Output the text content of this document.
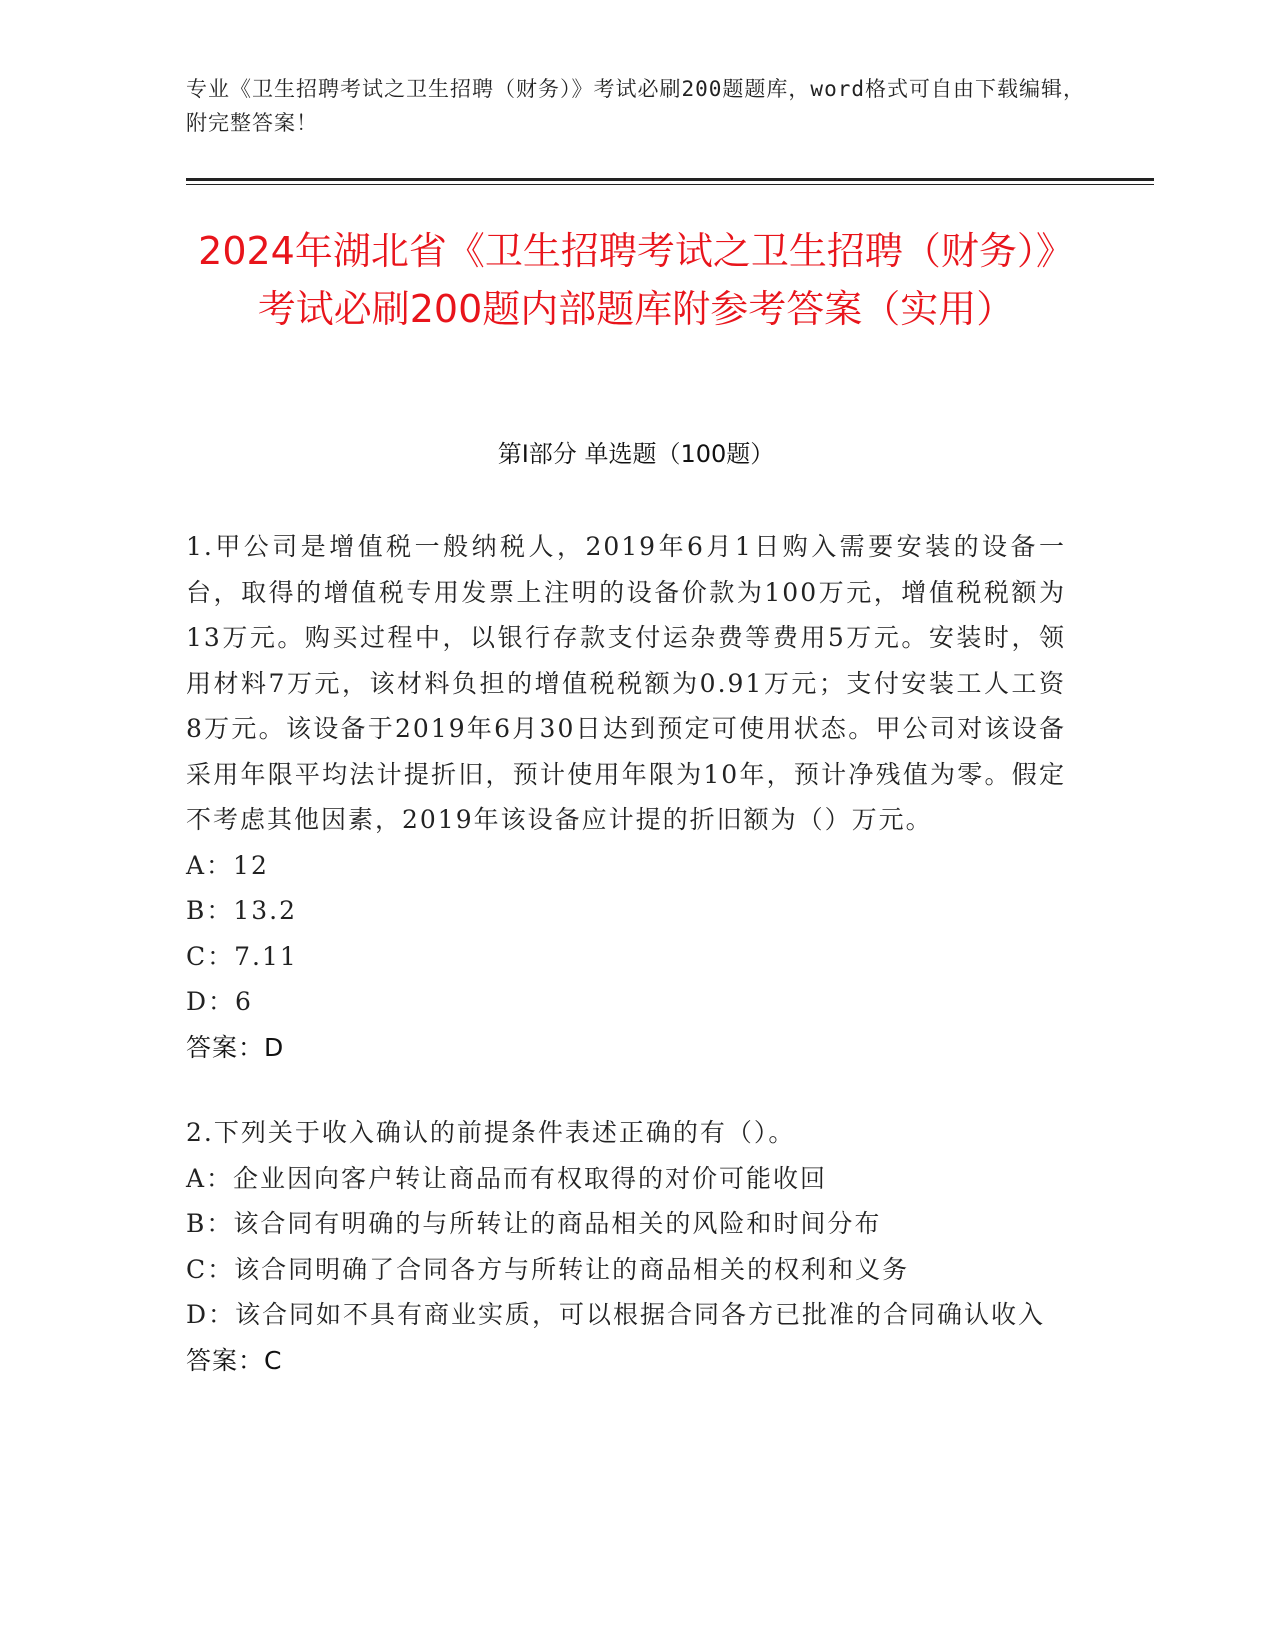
专业《卫生招聘考试之卫生招聘（财务）》考试必刷200题题库，word格式可自由下载编辑，附完整答案！
2024年湖北省《卫生招聘考试之卫生招聘（财务）》考试必刷200题内部题库附参考答案（实用）
第I部分 单选题（100题）
1.甲公司是增值税一般纳税人，2019年6月1日购入需要安装的设备一台，取得的增值税专用发票上注明的设备价款为100万元，增值税税额为13万元。购买过程中，以银行存款支付运杂费等费用5万元。安装时，领用材料7万元，该材料负担的增值税税额为0.91万元；支付安装工人工资8万元。该设备于2019年6月30日达到预定可使用状态。甲公司对该设备采用年限平均法计提折旧，预计使用年限为10年，预计净残值为零。假定不考虑其他因素，2019年该设备应计提的折旧额为（）万元。
A：12
B：13.2
C：7.11
D：6
答案：D
2.下列关于收入确认的前提条件表述正确的有（）。
A：企业因向客户转让商品而有权取得的对价可能收回
B：该合同有明确的与所转让的商品相关的风险和时间分布
C：该合同明确了合同各方与所转让的商品相关的权利和义务
D：该合同如不具有商业实质，可以根据合同各方已批准的合同确认收入
答案：C
